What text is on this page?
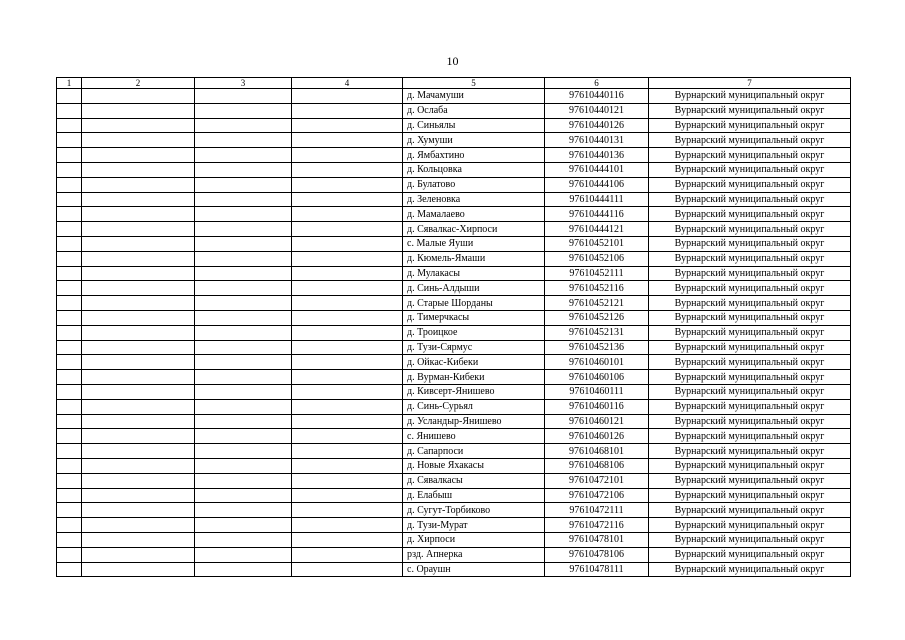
10
1	2	3	4	5	6	7
				д. Мачамуши	97610440116	Вурнарский муниципальный округ
				д. Ослаба	97610440121	Вурнарский муниципальный округ
				д. Синьялы	97610440126	Вурнарский муниципальный округ
				д. Хумуши	97610440131	Вурнарский муниципальный округ
				д. Ямбахтино	97610440136	Вурнарский муниципальный округ
				д. Кольцовка	97610444101	Вурнарский муниципальный округ
				д. Булатово	97610444106	Вурнарский муниципальный округ
				д. Зеленовка	97610444111	Вурнарский муниципальный округ
				д. Мамалаево	97610444116	Вурнарский муниципальный округ
				д. Сявалкас-Хирпоси	97610444121	Вурнарский муниципальный округ
				с. Малые Яуши	97610452101	Вурнарский муниципальный округ
				д. Кюмель-Ямаши	97610452106	Вурнарский муниципальный округ
				д. Мулакасы	97610452111	Вурнарский муниципальный округ
				д. Синь-Алдыши	97610452116	Вурнарский муниципальный округ
				д. Старые Шорданы	97610452121	Вурнарский муниципальный округ
				д. Тимерчкасы	97610452126	Вурнарский муниципальный округ
				д. Троицкое	97610452131	Вурнарский муниципальный округ
				д. Тузи-Сярмус	97610452136	Вурнарский муниципальный округ
				д. Ойкас-Кибеки	97610460101	Вурнарский муниципальный округ
				д. Вурман-Кибеки	97610460106	Вурнарский муниципальный округ
				д. Кивсерт-Янишево	97610460111	Вурнарский муниципальный округ
				д. Синь-Сурьял	97610460116	Вурнарский муниципальный округ
				д. Усландыр-Янишево	97610460121	Вурнарский муниципальный округ
				с. Янишево	97610460126	Вурнарский муниципальный округ
				д. Сапарпоси	97610468101	Вурнарский муниципальный округ
				д. Новые Яхакасы	97610468106	Вурнарский муниципальный округ
				д. Сявалкасы	97610472101	Вурнарский муниципальный округ
				д. Елабыш	97610472106	Вурнарский муниципальный округ
				д. Сугут-Торбиково	97610472111	Вурнарский муниципальный округ
				д. Тузи-Мурат	97610472116	Вурнарский муниципальный округ
				д. Хирпоси	97610478101	Вурнарский муниципальный округ
				рзд. Апнерка	97610478106	Вурнарский муниципальный округ
				с. Ораушн	97610478111	Вурнарский муниципальный округ
